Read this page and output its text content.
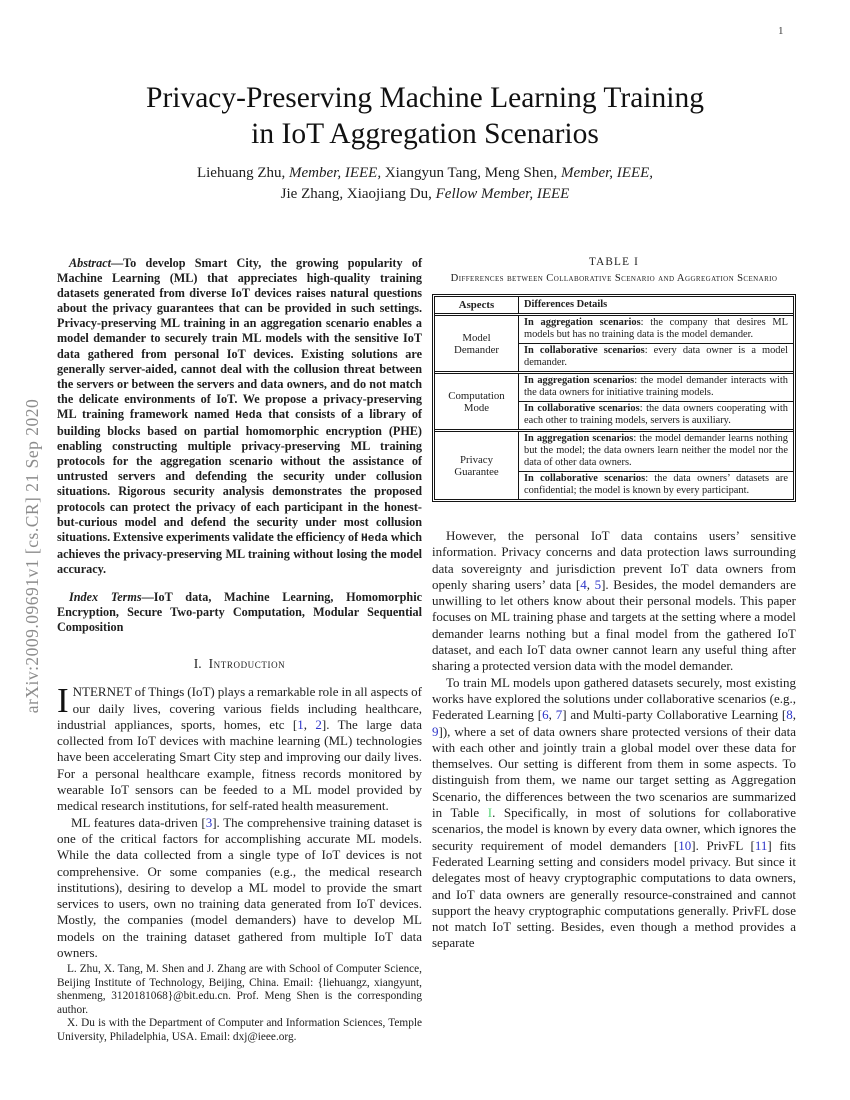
1
arXiv:2009.09691v1 [cs.CR] 21 Sep 2020
Privacy-Preserving Machine Learning Training
in IoT Aggregation Scenarios
Liehuang Zhu, Member, IEEE, Xiangyun Tang, Meng Shen, Member, IEEE,
Jie Zhang, Xiaojiang Du, Fellow Member, IEEE

Abstract—To develop Smart City, the growing popularity of Machine Learning (ML) that appreciates high-quality training datasets generated from diverse IoT devices raises natural questions about the privacy guarantees that can be provided in such settings. Privacy-preserving ML training in an aggregation scenario enables a model demander to securely train ML models with the sensitive IoT data gathered from personal IoT devices. Existing solutions are generally server-aided, cannot deal with the collusion threat between the servers or between the servers and data owners, and do not match the delicate environments of IoT. We propose a privacy-preserving ML training framework named Heda that consists of a library of building blocks based on partial homomorphic encryption (PHE) enabling constructing multiple privacy-preserving ML training protocols for the aggregation scenario without the assistance of untrusted servers and defending the security under collusion situations. Rigorous security analysis demonstrates the proposed protocols can protect the privacy of each participant in the honest-but-curious model and defend the security under most collusion situations. Extensive experiments validate the efficiency of Heda which achieves the privacy-preserving ML training without losing the model accuracy.

Index Terms—IoT data, Machine Learning, Homomorphic Encryption, Secure Two-party Computation, Modular Sequential Composition

I. Introduction

INTERNET of Things (IoT) plays a remarkable role in all aspects of our daily lives, covering various fields including healthcare, industrial appliances, sports, homes, etc [1, 2]. The large data collected from IoT devices with machine learning (ML) technologies have been accelerating Smart City step and improving our daily lives. For a personal healthcare example, fitness records monitored by wearable IoT sensors can be feeded to a ML model provided by medical research institutions, for self-rated health measurement.

ML features data-driven [3]. The comprehensive training dataset is one of the critical factors for accomplishing accurate ML models. While the data collected from a single type of IoT devices is not comprehensive. Or some companies (e.g., the medical research institutions), desiring to develop a ML model to provide the smart services to users, own no training data generated from IoT devices. Mostly, the companies (model demanders) have to develop ML models on the training dataset gathered from multiple IoT data owners.

L. Zhu, X. Tang, M. Shen and J. Zhang are with School of Computer Science, Beijing Institute of Technology, Beijing, China. Email: {liehuangz, xiangyunt, shenmeng, 3120181068}@bit.edu.cn. Prof. Meng Shen is the corresponding author.

X. Du is with the Department of Computer and Information Sciences, Temple University, Philadelphia, USA. Email: dxj@ieee.org.

TABLE I
Differences between Collaborative Scenario and Aggregation Scenario
Aspects	Differences Details
Model Demander
In aggregation scenarios: the company that desires ML models but has no training data is the model demander.
In collaborative scenarios: every data owner is a model demander.
Computation Mode
In aggregation scenarios: the model demander interacts with the data owners for initiative training models.
In collaborative scenarios: the data owners cooperating with each other to training models, servers is auxiliary.
Privacy Guarantee
In aggregation scenarios: the model demander learns nothing but the model; the data owners learn neither the model nor the data of other data owners.
In collaborative scenarios: the data owners’ datasets are confidential; the model is known by every participant.

However, the personal IoT data contains users’ sensitive information. Privacy concerns and data protection laws surrounding data sovereignty and jurisdiction prevent IoT data owners from openly sharing users’ data [4, 5]. Besides, the model demanders are unwilling to let others know about their personal models. This paper focuses on ML training phase and targets at the setting where a model demander learns nothing but a final model from the gathered IoT dataset, and each IoT data owner cannot learn any useful thing after sharing a protected version data with the model demander.

To train ML models upon gathered datasets securely, most existing works have explored the solutions under collaborative scenarios (e.g., Federated Learning [6, 7] and Multi-party Collaborative Learning [8, 9]), where a set of data owners share protected versions of their data with each other and jointly train a global model over these data for themselves. Our setting is different from them in some aspects. To distinguish from them, we name our target setting as Aggregation Scenario, the differences between the two scenarios are summarized in Table I. Specifically, in most of solutions for collaborative scenarios, the model is known by every data owner, which ignores the security requirement of model demanders [10]. PrivFL [11] fits Federated Learning setting and considers model privacy. But since it delegates most of heavy cryptographic computations to data owners, and IoT data owners are generally resource-constrained and cannot support the heavy cryptographic computations generally. PrivFL dose not match IoT setting. Besides, even though a method provides a separate
